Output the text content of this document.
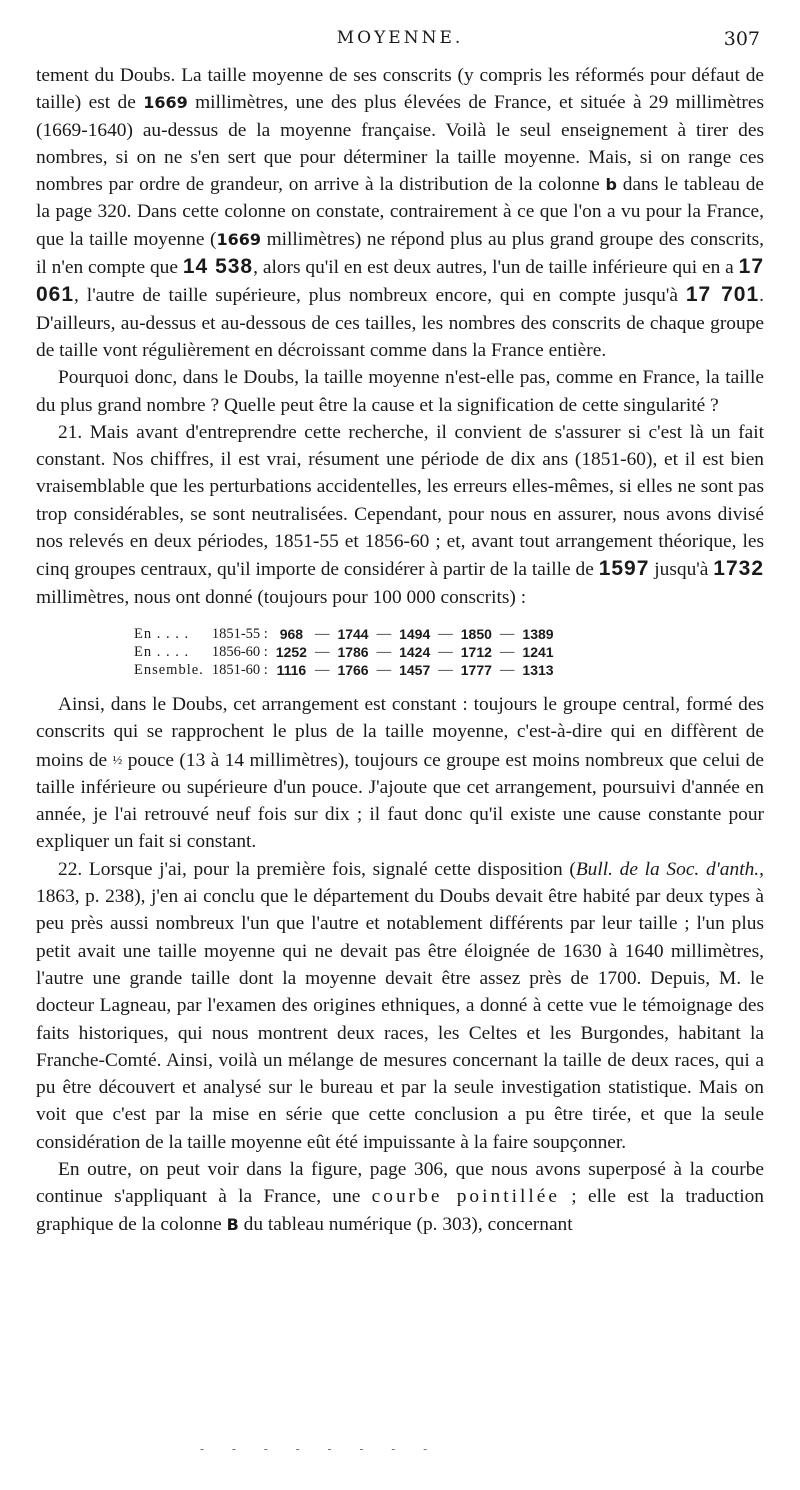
MOYENNE.	307

tement du Doubs. La taille moyenne de ses conscrits (y compris les réformés pour défaut de taille) est de 1669 millimètres, une des plus élevées de France, et située à 29 millimètres (1669-1640) au-dessus de la moyenne française. Voilà le seul enseignement à tirer des nombres, si on ne s'en sert que pour déterminer la taille moyenne. Mais, si on range ces nombres par ordre de grandeur, on arrive à la distribution de la colonne b dans le tableau de la page 320. Dans cette colonne on constate, contrairement à ce que l'on a vu pour la France, que la taille moyenne (1669 millimètres) ne répond plus au plus grand groupe des conscrits, il n'en compte que 14 538, alors qu'il en est deux autres, l'un de taille inférieure qui en a 17 061, l'autre de taille supérieure, plus nombreux encore, qui en compte jusqu'à 17 701. D'ailleurs, au-dessus et au-dessous de ces tailles, les nombres des conscrits de chaque groupe de taille vont régulièrement en décroissant comme dans la France entière.

Pourquoi donc, dans le Doubs, la taille moyenne n'est-elle pas, comme en France, la taille du plus grand nombre ? Quelle peut être la cause et la signification de cette singularité ?

21. Mais avant d'entreprendre cette recherche, il convient de s'assurer si c'est là un fait constant. Nos chiffres, il est vrai, résument une période de dix ans (1851-60), et il est bien vraisemblable que les perturbations accidentelles, les erreurs elles-mêmes, si elles ne sont pas trop considérables, se sont neutralisées. Cependant, pour nous en assurer, nous avons divisé nos relevés en deux périodes, 1851-55 et 1856-60 ; et, avant tout arrangement théorique, les cinq groupes centraux, qu'il importe de considérer à partir de la taille de 1597 jusqu'à 1732 millimètres, nous ont donné (toujours pour 100 000 conscrits) :

En . . . .	1851-55 :	968	—	1744	—	1494	—	1850	—	1389
En . . . .	1856-60 :	1252	—	1786	—	1424	—	1712	—	1241
Ensemble.	1851-60 :	1116	—	1766	—	1457	—	1777	—	1313

Ainsi, dans le Doubs, cet arrangement est constant : toujours le groupe central, formé des conscrits qui se rapprochent le plus de la taille moyenne, c'est-à-dire qui en diffèrent de moins de ½ pouce (13 à 14 millimètres), toujours ce groupe est moins nombreux que celui de taille inférieure ou supérieure d'un pouce. J'ajoute que cet arrangement, poursuivi d'année en année, je l'ai retrouvé neuf fois sur dix ; il faut donc qu'il existe une cause constante pour expliquer un fait si constant.

22. Lorsque j'ai, pour la première fois, signalé cette disposition (Bull. de la Soc. d'anth., 1863, p. 238), j'en ai conclu que le département du Doubs devait être habité par deux types à peu près aussi nombreux l'un que l'autre et notablement différents par leur taille ; l'un plus petit avait une taille moyenne qui ne devait pas être éloignée de 1630 à 1640 millimètres, l'autre une grande taille dont la moyenne devait être assez près de 1700. Depuis, M. le docteur Lagneau, par l'examen des origines ethniques, a donné à cette vue le témoignage des faits historiques, qui nous montrent deux races, les Celtes et les Burgondes, habitant la Franche-Comté. Ainsi, voilà un mélange de mesures concernant la taille de deux races, qui a pu être découvert et analysé sur le bureau et par la seule investigation statistique. Mais on voit que c'est par la mise en série que cette conclusion a pu être tirée, et que la seule considération de la taille moyenne eût été impuissante à la faire soupçonner.

En outre, on peut voir dans la figure, page 306, que nous avons superposé à la courbe continue s'appliquant à la France, une courbe pointillée ; elle est la traduction graphique de la colonne B du tableau numérique (p. 303), concernant

- - - - - - - -
